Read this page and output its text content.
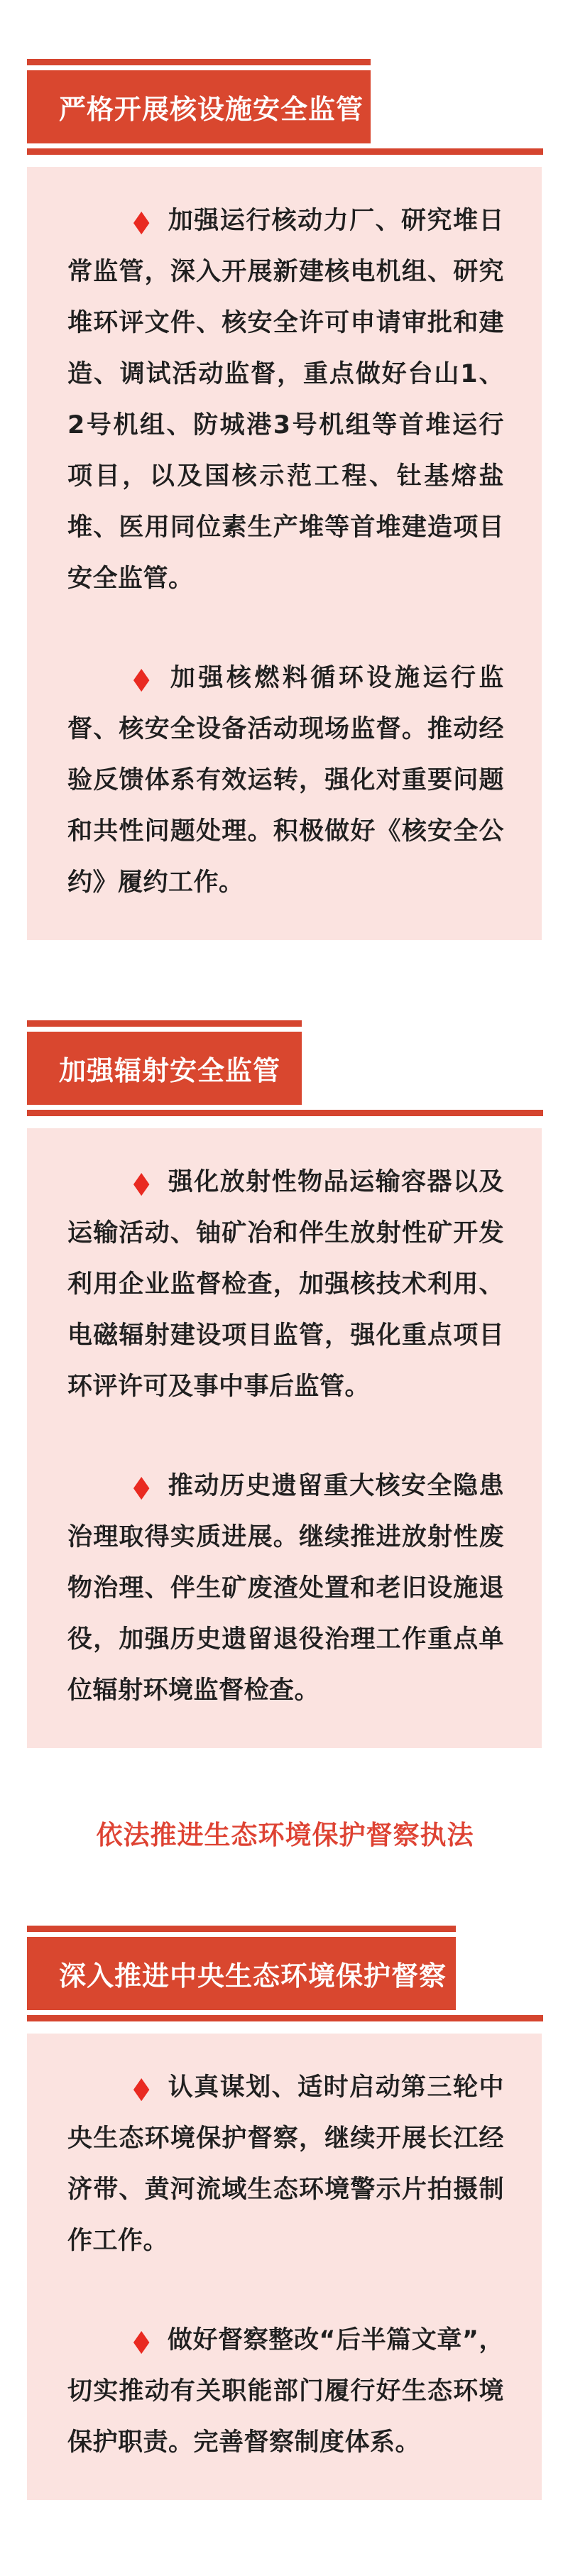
严格开展核设施安全监管
◆ 加强运行核动力厂、研究堆日
常监管，深入开展新建核电机组、研究
堆环评文件、核安全许可申请审批和建
造、调试活动监督，重点做好台山1、
2号机组、防城港3号机组等首堆运行
项目，以及国核示范工程、钍基熔盐
堆、医用同位素生产堆等首堆建造项目
安全监管。
◆ 加强核燃料循环设施运行监
督、核安全设备活动现场监督。推动经
验反馈体系有效运转，强化对重要问题
和共性问题处理。积极做好《核安全公
约》履约工作。
加强辐射安全监管
◆ 强化放射性物品运输容器以及
运输活动、铀矿冶和伴生放射性矿开发
利用企业监督检查，加强核技术利用、
电磁辐射建设项目监管，强化重点项目
环评许可及事中事后监管。
◆ 推动历史遗留重大核安全隐患
治理取得实质进展。继续推进放射性废
物治理、伴生矿废渣处置和老旧设施退
役，加强历史遗留退役治理工作重点单
位辐射环境监督检查。
依法推进生态环境保护督察执法
深入推进中央生态环境保护督察
◆ 认真谋划、适时启动第三轮中
央生态环境保护督察，继续开展长江经
济带、黄河流域生态环境警示片拍摄制
作工作。
◆ 做好督察整改“后半篇文章”，
切实推动有关职能部门履行好生态环境
保护职责。完善督察制度体系。
